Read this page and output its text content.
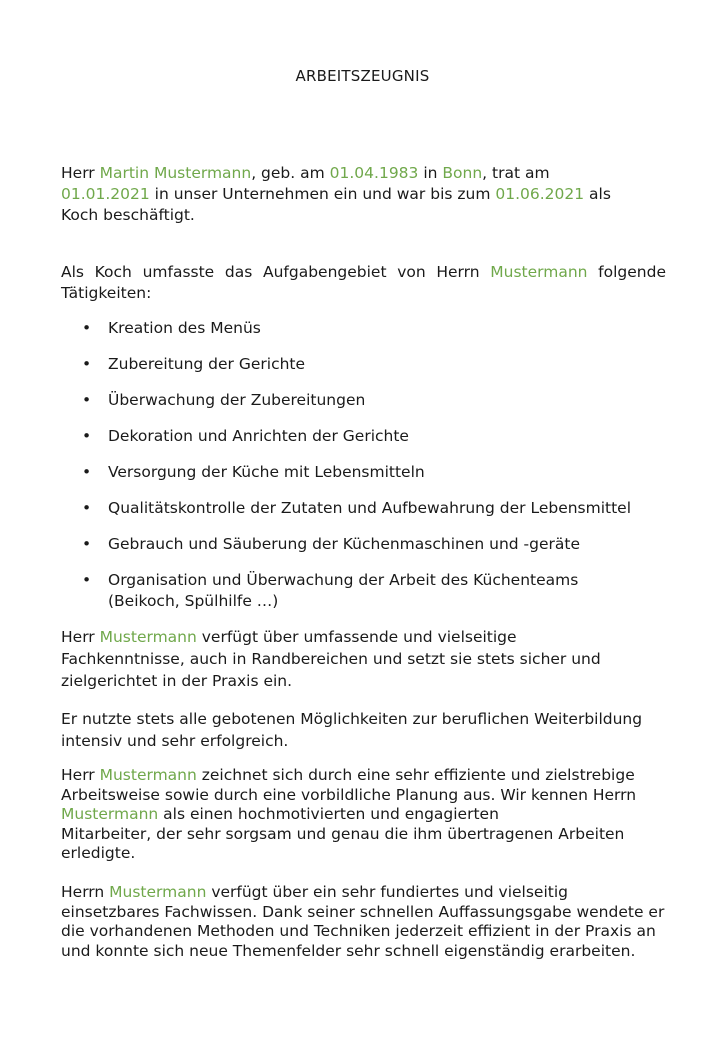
ARBEITSZEUGNIS
Herr Martin Mustermann, geb. am 01.04.1983 in Bonn, trat am
01.01.2021 in unser Unternehmen ein und war bis zum 01.06.2021 als
Koch beschäftigt.
Als Koch umfasste das Aufgabengebiet von Herrn Mustermann folgende Tätigkeiten:
• Kreation des Menüs
• Zubereitung der Gerichte
• Überwachung der Zubereitungen
• Dekoration und Anrichten der Gerichte
• Versorgung der Küche mit Lebensmitteln
• Qualitätskontrolle der Zutaten und Aufbewahrung der Lebensmittel
• Gebrauch und Säuberung der Küchenmaschinen und -geräte
• Organisation und Überwachung der Arbeit des Küchenteams (Beikoch, Spülhilfe …)
Herr Mustermann verfügt über umfassende und vielseitige
Fachkenntnisse, auch in Randbereichen und setzt sie stets sicher und zielgerichtet in der Praxis ein.
Er nutzte stets alle gebotenen Möglichkeiten zur beruflichen Weiterbildung intensiv und sehr erfolgreich.
Herr Mustermann zeichnet sich durch eine sehr effiziente und zielstrebige Arbeitsweise sowie durch eine vorbildliche Planung aus. Wir kennen Herrn
Mustermann als einen hochmotivierten und engagierten
Mitarbeiter, der sehr sorgsam und genau die ihm übertragenen Arbeiten erledigte.
Herrn Mustermann verfügt über ein sehr fundiertes und vielseitig einsetzbares Fachwissen. Dank seiner schnellen Auffassungsgabe wendete er die vorhandenen Methoden und Techniken jederzeit effizient in der Praxis an und konnte sich neue Themenfelder sehr schnell eigenständig erarbeiten.
